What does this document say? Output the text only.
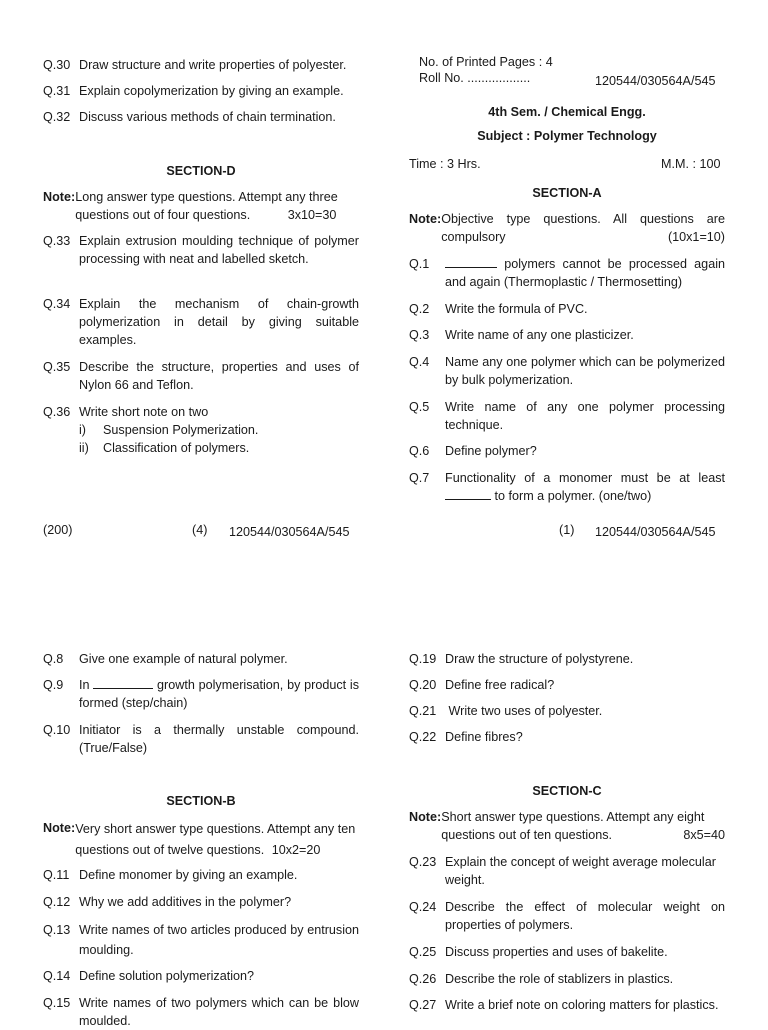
Q.30 Draw structure and write properties of polyester.
Q.31 Explain copolymerization by giving an example.
Q.32 Discuss various methods of chain termination.
SECTION-D
Note: Long answer type questions. Attempt any three questions out of four questions.	3x10=30
Q.33 Explain extrusion moulding technique of polymer processing with neat and labelled sketch.
Q.34 Explain the mechanism of chain-growth polymerization in detail by giving suitable examples.
Q.35 Describe the structure, properties and uses of Nylon 66 and Teflon.
Q.36 Write short note on two
i)	Suspension Polymerization.
ii)	Classification of polymers.
(200)	(4) 120544/030564A/545
No. of Printed Pages : 4
Roll No. ..................	120544/030564A/545
4th Sem. / Chemical Engg.
Subject : Polymer Technology
Time : 3 Hrs.	M.M. : 100
SECTION-A
Note: Objective type questions. All questions are compulsory	(10x1=10)
Q.1	polymers cannot be processed again and again (Thermoplastic / Thermosetting)
Q.2	Write the formula of PVC.
Q.3	Write name of any one plasticizer.
Q.4	Name any one polymer which can be polymerized by bulk polymerization.
Q.5	Write name of any one polymer processing technique.
Q.6	Define polymer?
Q.7	Functionality of a monomer must be at least  to form a polymer. (one/two)
(1) 120544/030564A/545
Q.8	Give one example of natural polymer.
Q.9	In	growth polymerisation, by product is formed (step/chain)
Q.10 Initiator is a thermally unstable compound. (True/False)
SECTION-B
Note: Very short answer type questions. Attempt any ten questions out of twelve questions. 10x2=20
Q.11 Define monomer by giving an example.
Q.12 Why we add additives in the polymer?
Q.13 Write names of two articles produced by entrusion moulding.
Q.14 Define solution polymerization?
Q.15 Write names of two polymers which can be blow moulded.
Q.19 Draw the structure of polystyrene.
Q.20 Define free radical?
Q.21 Write two uses of polyester.
Q.22 Define fibres?
SECTION-C
Note: Short answer type questions. Attempt any eight questions out of ten questions.	8x5=40
Q.23 Explain the concept of weight average molecular weight.
Q.24 Describe the effect of molecular weight on properties of polymers.
Q.25 Discuss properties and uses of bakelite.
Q.26 Describe the role of stablizers in plastics.
Q.27 Write a brief note on coloring matters for plastics.
